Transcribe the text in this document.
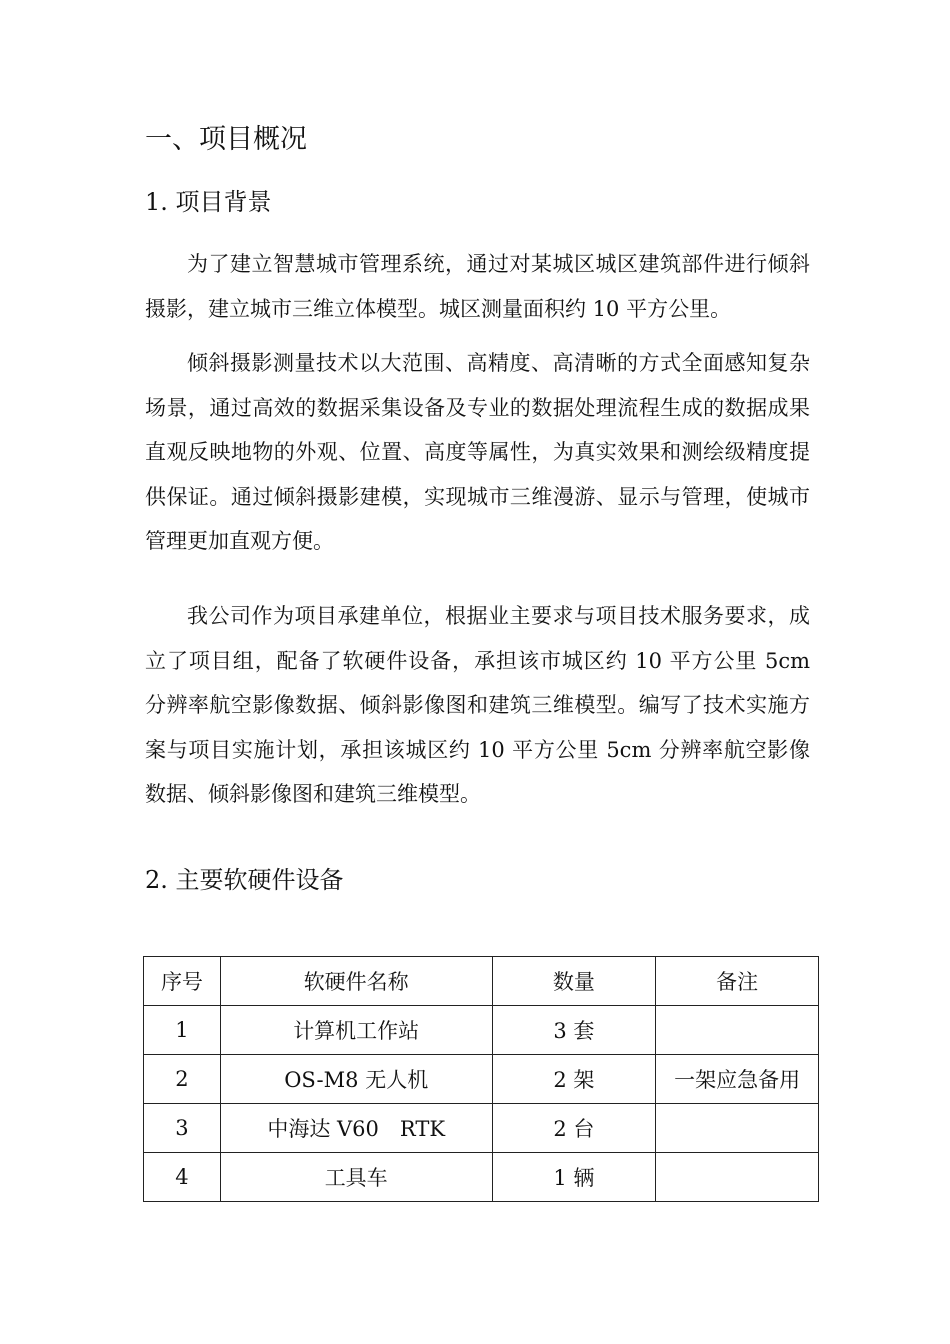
一、项目概况
1. 项目背景

为了建立智慧城市管理系统，通过对某城区城区建筑部件进行倾斜摄影，建立城市三维立体模型。城区测量面积约 10 平方公里。

倾斜摄影测量技术以大范围、高精度、高清晰的方式全面感知复杂场景，通过高效的数据采集设备及专业的数据处理流程生成的数据成果直观反映地物的外观、位置、高度等属性，为真实效果和测绘级精度提供保证。通过倾斜摄影建模，实现城市三维漫游、显示与管理，使城市管理更加直观方便。

我公司作为项目承建单位，根据业主要求与项目技术服务要求，成立了项目组，配备了软硬件设备，承担该市城区约 10 平方公里 5cm 分辨率航空影像数据、倾斜影像图和建筑三维模型。编写了技术实施方案与项目实施计划，承担该城区约 10 平方公里 5cm 分辨率航空影像数据、倾斜影像图和建筑三维模型。

2. 主要软硬件设备
序号	软硬件名称	数量	备注
1	计算机工作站	3 套	
2	OS-M8 无人机	2 架	一架应急备用
3	中海达 V60　RTK	2 台	
4	工具车	1 辆	
